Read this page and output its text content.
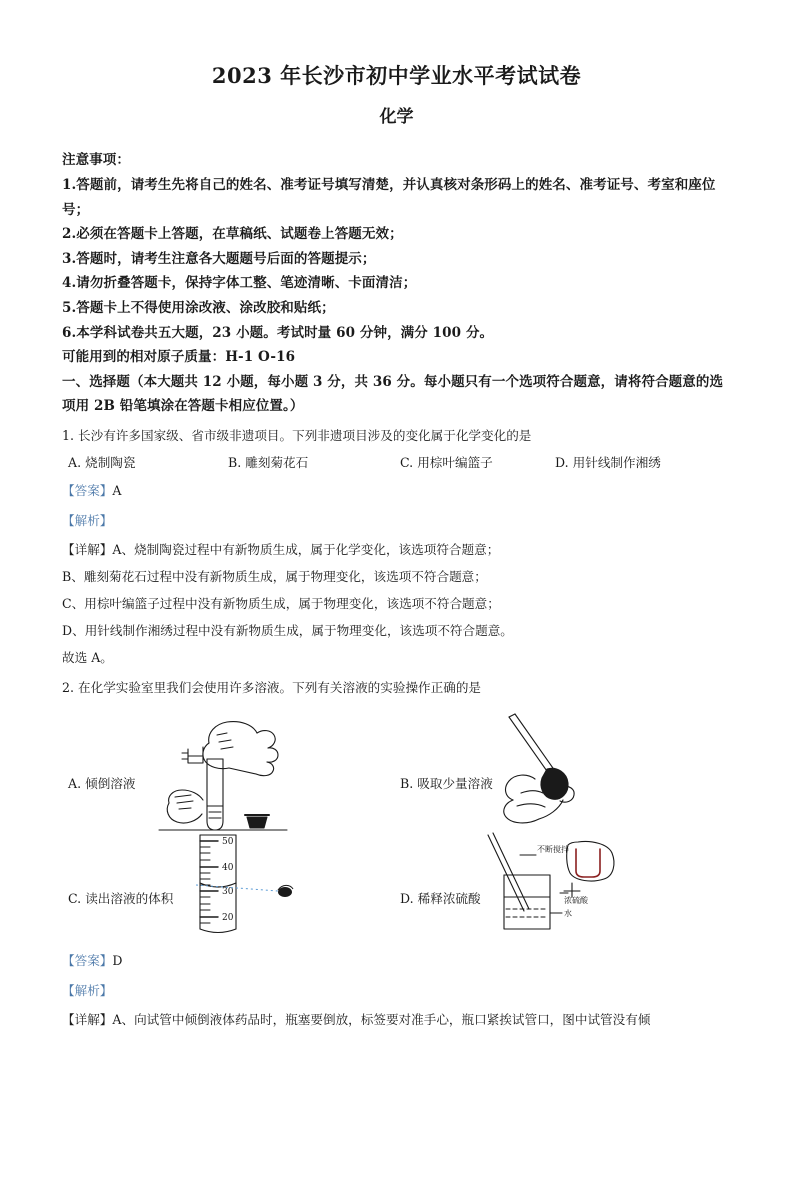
2023 年长沙市初中学业水平考试试卷
化学

注意事项：

1.答题前，请考生先将自己的姓名、准考证号填写清楚，并认真核对条形码上的姓名、准考证号、考室和座位号；

2.必须在答题卡上答题，在草稿纸、试题卷上答题无效；

3.答题时，请考生注意各大题题号后面的答题提示；

4.请勿折叠答题卡，保持字体工整、笔迹清晰、卡面清洁；

5.答题卡上不得使用涂改液、涂改胶和贴纸；

6.本学科试卷共五大题，23 小题。考试时量 60 分钟，满分 100 分。

可能用到的相对原子质量：H-1 O-16

一、选择题（本大题共 12 小题，每小题 3 分，共 36 分。每小题只有一个选项符合题意，请将符合题意的选项用 2B 铅笔填涂在答题卡相应位置。）

1. 长沙有许多国家级、省市级非遗项目。下列非遗项目涉及的变化属于化学变化的是

A. 烧制陶瓷	B. 雕刻菊花石	C. 用棕叶编篮子	D. 用针线制作湘绣

【答案】A

【解析】

【详解】A、烧制陶瓷过程中有新物质生成，属于化学变化，该选项符合题意；

B、雕刻菊花石过程中没有新物质生成，属于物理变化，该选项不符合题意；

C、用棕叶编篮子过程中没有新物质生成，属于物理变化，该选项不符合题意；

D、用针线制作湘绣过程中没有新物质生成，属于物理变化，该选项不符合题意。

故选 A。

2. 在化学实验室里我们会使用许多溶液。下列有关溶液的实验操作正确的是

A. 倾倒溶液	B. 吸取少量溶液
C. 读出溶液的体积	D. 稀释浓硫酸
50
40
30
20
不断搅拌
浓硫酸
水

【答案】D

【解析】

【详解】A、向试管中倾倒液体药品时，瓶塞要倒放，标签要对准手心，瓶口紧挨试管口，图中试管没有倾
